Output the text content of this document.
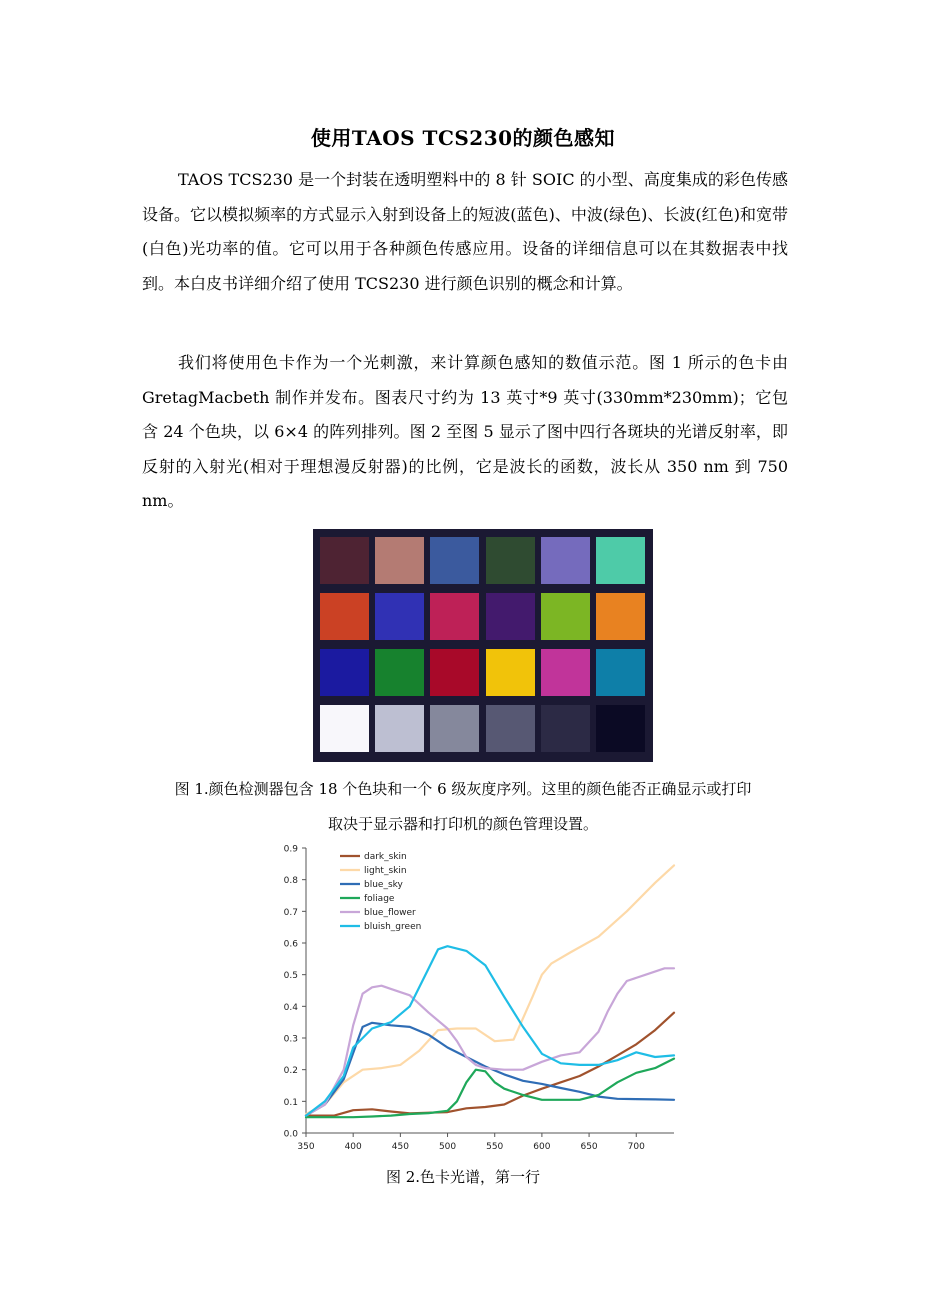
使用TAOS TCS230的颜色感知

TAOS TCS230 是一个封装在透明塑料中的 8 针 SOIC 的小型、高度集成的彩色传感设备。它以模拟频率的方式显示入射到设备上的短波(蓝色)、中波(绿色)、长波(红色)和宽带(白色)光功率的值。它可以用于各种颜色传感应用。设备的详细信息可以在其数据表中找到。本白皮书详细介绍了使用 TCS230 进行颜色识别的概念和计算。

我们将使用色卡作为一个光刺激，来计算颜色感知的数值示范。图 1 所示的色卡由 GretagMacbeth 制作并发布。图表尺寸约为 13 英寸*9 英寸(330mm*230mm)；它包含 24 个色块，以 6×4 的阵列排列。图 2 至图 5 显示了图中四行各斑块的光谱反射率，即反射的入射光(相对于理想漫反射器)的比例，它是波长的函数，波长从 350 nm 到 750 nm。

图 1.颜色检测器包含 18 个色块和一个 6 级灰度序列。这里的颜色能否正确显示或打印
取决于显示器和打印机的颜色管理设置。
0.0
0.1
0.2
0.3
0.4
0.5
0.6
0.7
0.8
0.9
350	400	450	500	550	600	650	700
dark_skin
light_skin
blue_sky
foliage
blue_flower
bluish_green
图 2.色卡光谱，第一行
